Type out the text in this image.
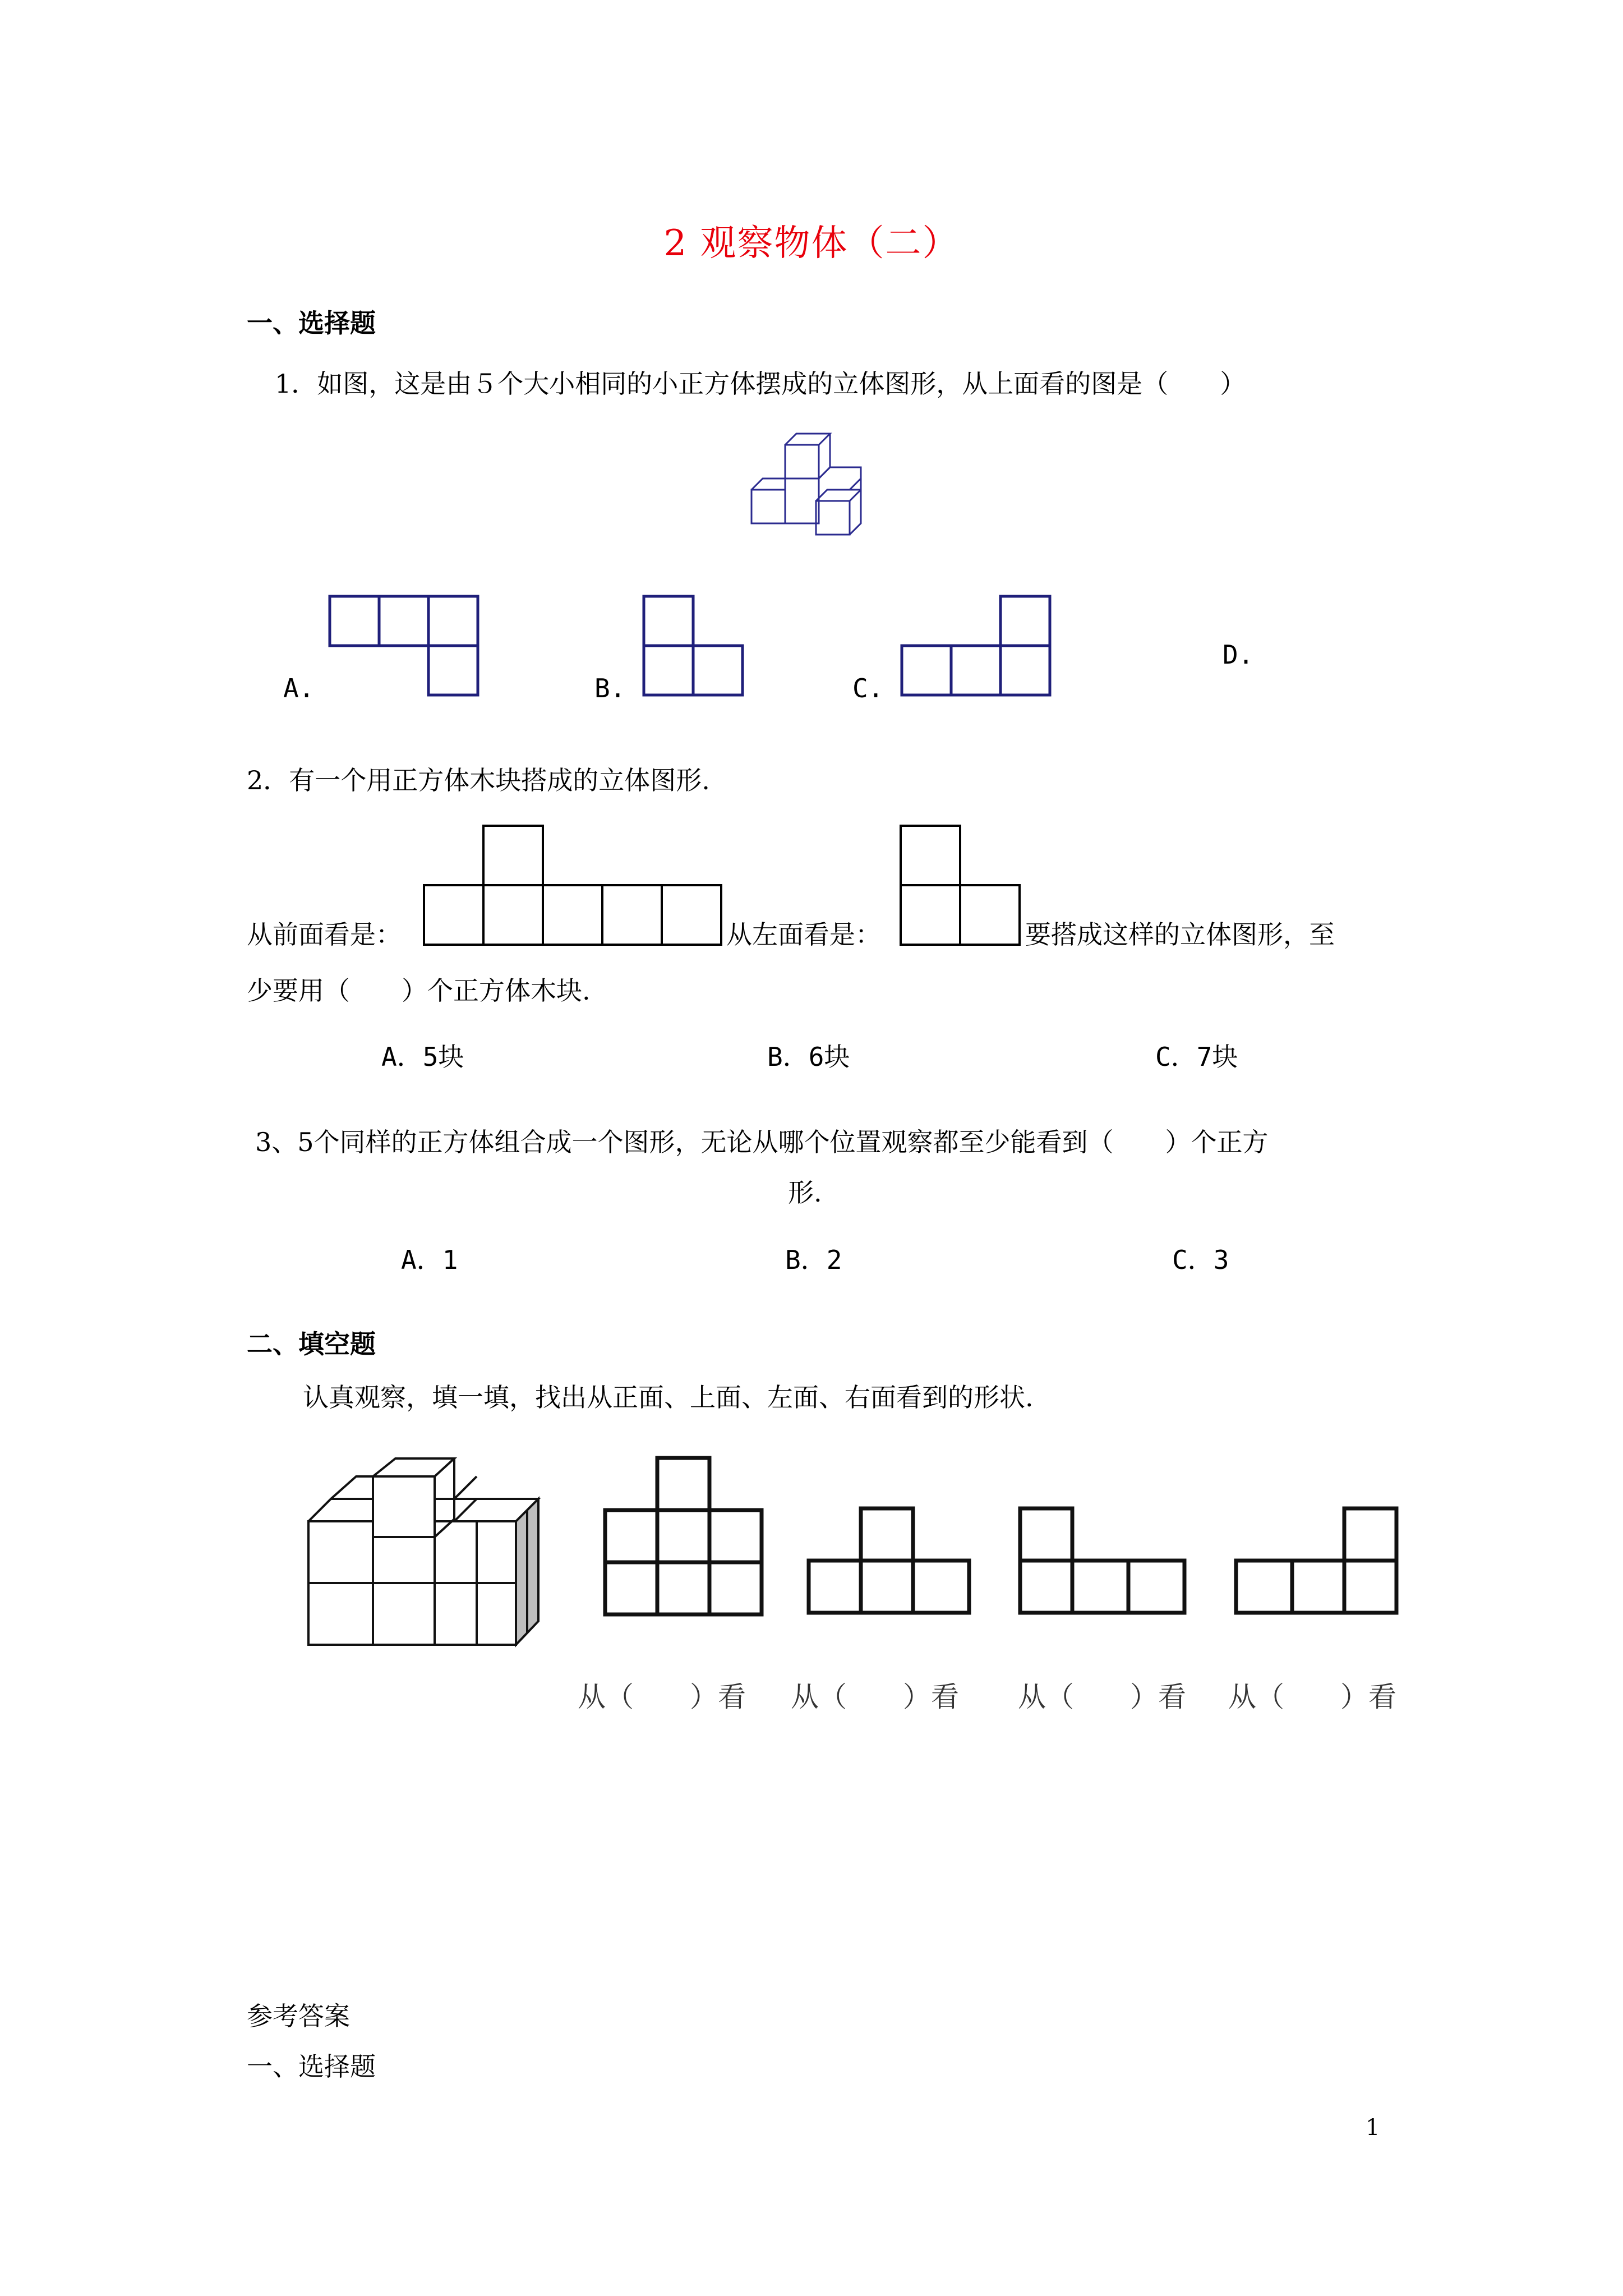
2 观察物体（二）
一、选择题
1．如图，这是由５个大小相同的小正方体摆成的立体图形，从上面看的图是（　　）
A.	B.	C.
D.
2．有一个用正方体木块搭成的立体图形.
从前面看是：	从左面看是：	要搭成这样的立体图形，至
少要用（　　）个正方体木块.
A．5块	B．6块	C．7块
3、5个同样的正方体组合成一个图形，无论从哪个位置观察都至少能看到（　　）个正方
形.
A．1	B．2	C．3
二、填空题
认真观察，填一填，找出从正面、上面、左面、右面看到的形状.
从（　　）看 从（　　）看 从（　　）看 从（　　）看
参考答案
一、选择题
1
